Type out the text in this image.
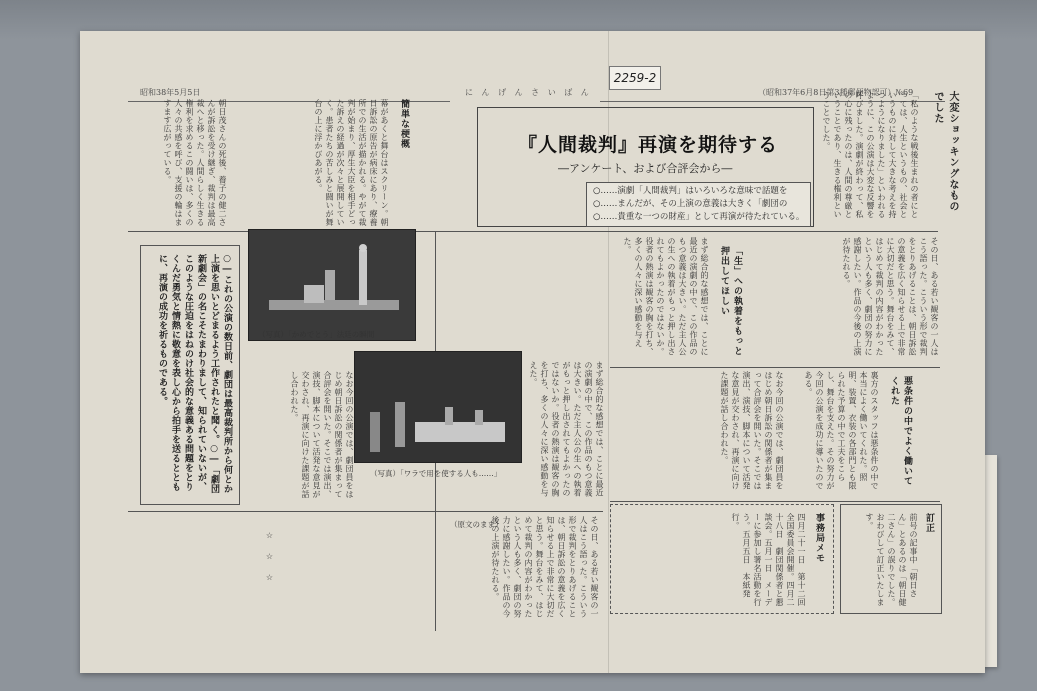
昭和38年5月5日	に ん げ ん さ い ば ん	（昭和37年6月8日第3種郵便物認可）№69
2259-2
大変ショッキングなものでした
「私のような戦後生まれの者にとっては、人生というもの、社会というものに対して大きな考えを持つようになりました」といわれるように、この公演は大変な反響を呼びました。演劇が終わって、私の心に残ったのは、人間の尊厳ということであり、生きる権利ということでした。
『人間裁判』再演を期待する
―アンケート、および合評会から―
○……演劇「人間裁判」はいろいろな意味で話題を
○……まんだが、その上演の意義は大きく「劇団の
○……貴重な一つの財産」として再演が待たれている。
その日、ある若い観客の一人はこう語った。こういう形で裁判をとりあげることは、朝日訴訟の意義を広く知らせる上で非常に大切だと思う。舞台をみて、はじめて裁判の内容がわかったという人も多く、劇団の努力に感謝したい。作品の今後の上演が待たれる。
「生」への執着をもっと押出してほしい
まず総合的な感想では、ことに最近の演劇の中で、この作品のもつ意義は大きい。ただ主人公の生への執着がもっと押し出されてもよかったのではないか。役者の熱演は観客の胸を打ち、多くの人々に深い感動を与えた。
悪条件の中でよく働いてくれた
裏方のスタッフは悪条件の中で本当によく働いてくれた。照明、装置、衣装の各部門とも限られた予算の中で工夫をこらし、舞台を支えた。その努力が今回の公演を成功に導いたのである。
なお今回の公演では、劇団員をはじめ朝日訴訟の関係者が集まって合評会を開いた。そこでは演出、演技、脚本について活発な意見が交わされ、再演に向けた課題が話し合われた。
訂正
前号の記事中「朝日さん」とあるのは「朝日健二さん」の誤りでした。おわびして訂正いたします。
事務局メモ
四月二十一日　第十二回全国委員会開催。四月二十八日　劇団関係者と懇談会。五月一日　メーデーに参加し署名活動を行う。五月五日　本紙発行。
簡単な梗概
幕があくと舞台はスクリーン。朝日訴訟の原告が病床にあり、療養所での生活が描かれる。やがて裁判が始まり、厚生大臣を相手どった訴えの経過が次々と展開していく。患者たちの苦しみと闘いが舞台の上に浮かびあがる。
朝日茂さんの死後、養子の健二さんが訴訟を受け継ぎ、裁判は最高裁へと移った。人間らしく生きる権利を求めるこの闘いは、多くの人々の共感を呼び、支援の輪はますます広がっている。
（写真）「かめでとう」法廷の瞬間
（写真）「ワラで用を使する人も……」
○―これの公演の数日前、劇団は最高裁判所から何とか上演を思いとどまるよう工作されたと聞く。○―「劇団新劇会」の名こそたまわりまして、知られていないが、このような圧迫をはねのけ社会的な意義ある問題をとりくんだ勇気と情熱に敬意を表し心から拍手を送るとともに、再演の成功を祈るものである。
なお今回の公演では、劇団員をはじめ朝日訴訟の関係者が集まって合評会を開いた。そこでは演出、演技、脚本について活発な意見が交わされ、再演に向けた課題が話し合われた。	まず総合的な感想では、ことに最近の演劇の中で、この作品のもつ意義は大きい。ただ主人公の生への執着がもっと押し出されてもよかったのではないか。役者の熱演は観客の胸を打ち、多くの人々に深い感動を与えた。
その日、ある若い観客の一人はこう語った。こういう形で裁判をとりあげることは、朝日訴訟の意義を広く知らせる上で非常に大切だと思う。舞台をみて、はじめて裁判の内容がわかったという人も多く、劇団の努力に感謝したい。作品の今後の上演が待たれる。
（原文のまま）
☆☆☆
